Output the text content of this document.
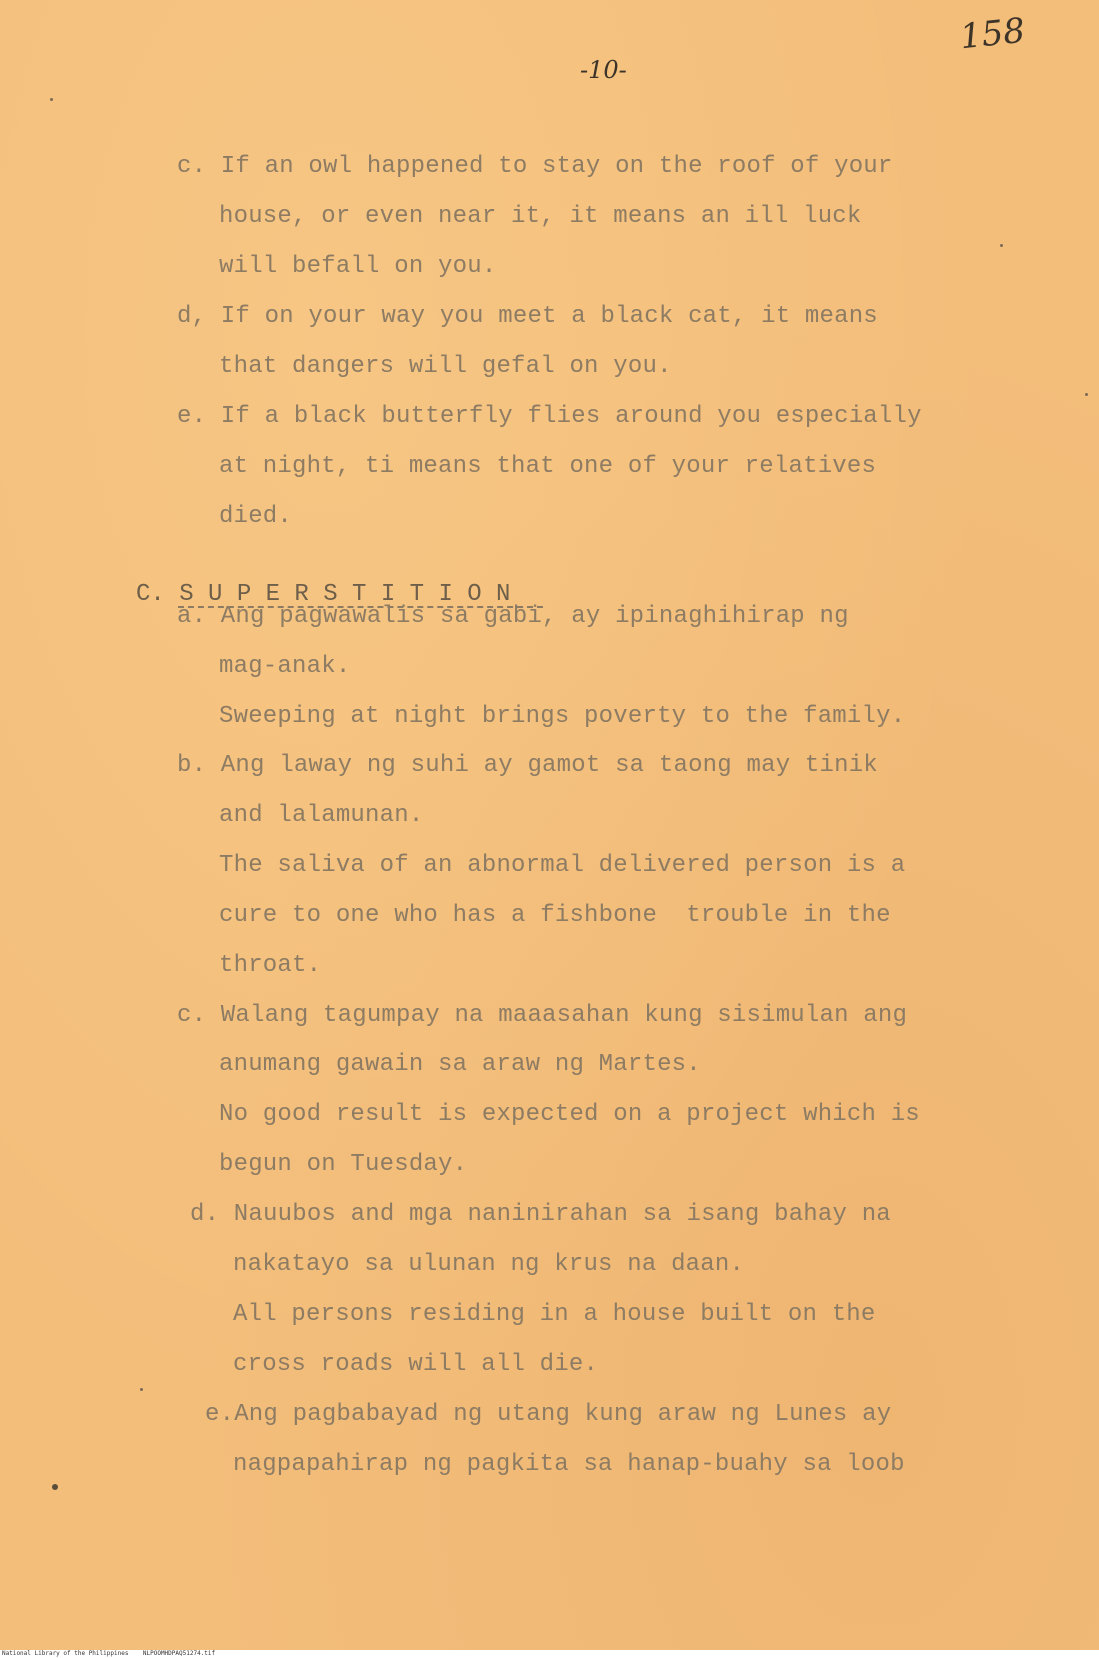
158
-10-
c. If an owl happened to stay on the roof of your
house, or even near it, it means an ill luck
will befall on you.
d, If on your way you meet a black cat, it means
that dangers will gefal on you.
e. If a black butterfly flies around you especially
at night, ti means that one of your relatives
died.
C. S U P E R S T I T I O N
a. Ang pagwawalis sa gabi, ay ipinaghihirap ng
mag-anak.
Sweeping at night brings poverty to the family.
b. Ang laway ng suhi ay gamot sa taong may tinik
and lalamunan.
The saliva of an abnormal delivered person is a
cure to one who has a fishbone  trouble in the
throat.
c. Walang tagumpay na maaasahan kung sisimulan ang
anumang gawain sa araw ng Martes.
No good result is expected on a project which is
begun on Tuesday.
d. Nauubos and mga naninirahan sa isang bahay na
nakatayo sa ulunan ng krus na daan.
All persons residing in a house built on the
cross roads will all die.
e.Ang pagbabayad ng utang kung araw ng Lunes ay
nagpapahirap ng pagkita sa hanap-buahy sa loob
National Library of the Philippines    NLPOOMHDPAQ51274.tif
